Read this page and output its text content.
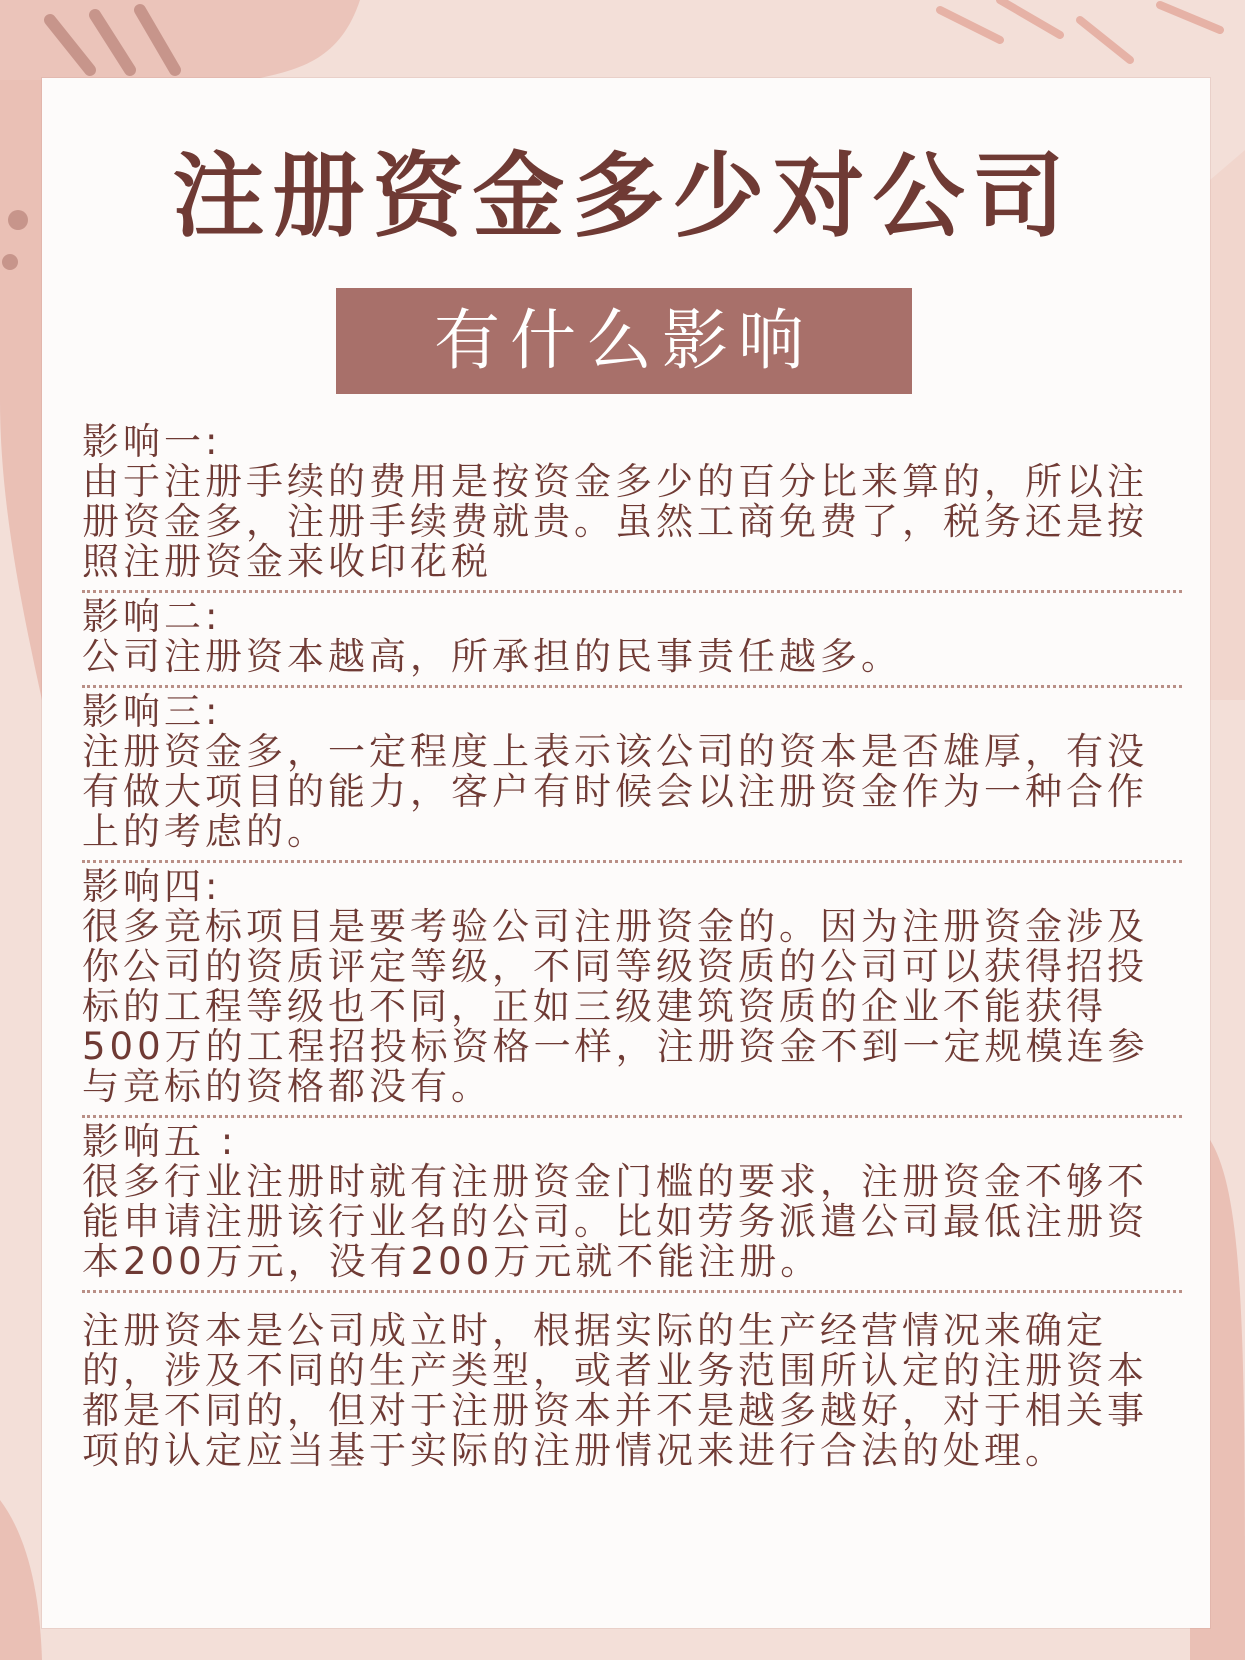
注册资金多少对公司
有什么影响
影响一:
由于注册手续的费用是按资金多少的百分比来算的，所以注册资金多，注册手续费就贵。虽然工商免费了，税务还是按照注册资金来收印花税
影响二:
公司注册资本越高，所承担的民事责任越多。
影响三:
注册资金多，一定程度上表示该公司的资本是否雄厚，有没有做大项目的能力，客户有时候会以注册资金作为一种合作上的考虑的。
影响四:
很多竞标项目是要考验公司注册资金的。因为注册资金涉及你公司的资质评定等级，不同等级资质的公司可以获得招投标的工程等级也不同，正如三级建筑资质的企业不能获得500万的工程招投标资格一样，注册资金不到一定规模连参与竞标的资格都没有。
影响五 :
很多行业注册时就有注册资金门槛的要求，注册资金不够不能申请注册该行业名的公司。比如劳务派遣公司最低注册资本200万元，没有200万元就不能注册。
注册资本是公司成立时，根据实际的生产经营情况来确定的，涉及不同的生产类型，或者业务范围所认定的注册资本都是不同的，但对于注册资本并不是越多越好，对于相关事项的认定应当基于实际的注册情况来进行合法的处理。
